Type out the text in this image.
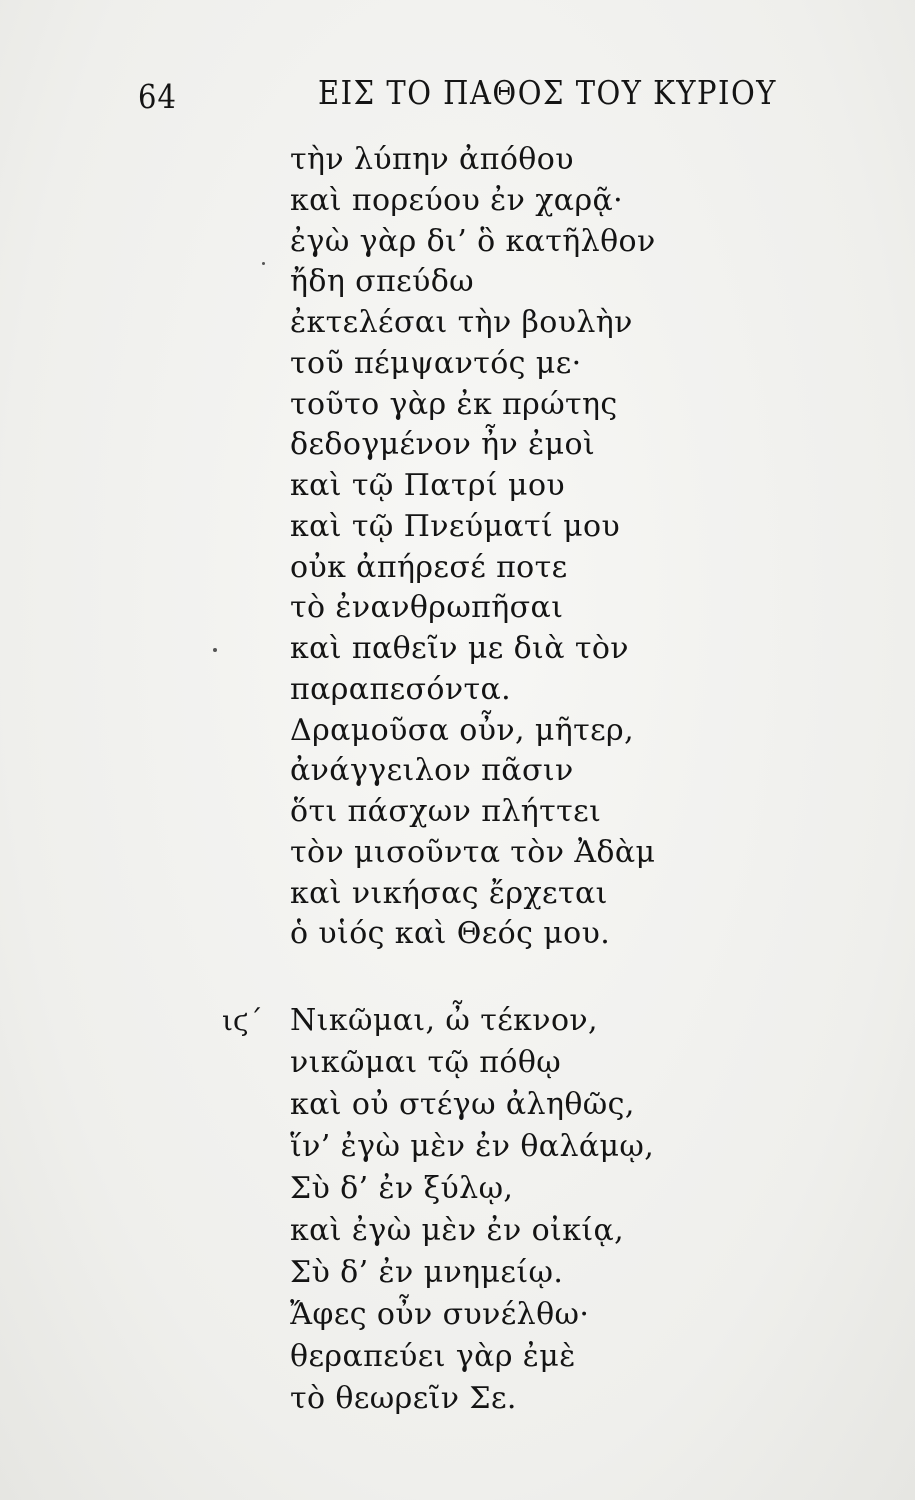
64	ΕΙΣ ΤΟ ΠΑΘΟΣ ΤΟΥ ΚΥΡΙΟΥ
τὴν λύπην ἀπόθου
καὶ πορεύου ἐν χαρᾷ·
ἐγὼ γὰρ δι’ ὃ κατῆλθον
ἤδη σπεύδω
ἐκτελέσαι τὴν βουλὴν
τοῦ πέμψαντός με·
τοῦτο γὰρ ἐκ πρώτης
δεδογμένον ἦν ἐμοὶ
καὶ τῷ Πατρί μου
καὶ τῷ Πνεύματί μου
οὐκ ἀπήρεσέ ποτε
τὸ ἐνανθρωπῆσαι
καὶ παθεῖν με διὰ τὸν
παραπεσόντα.
Δραμοῦσα οὖν, μῆτερ,
ἀνάγγειλον πᾶσιν
ὅτι πάσχων πλήττει
τὸν μισοῦντα τὸν Ἀδὰμ
καὶ νικήσας ἔρχεται
ὁ υἱός καὶ Θεός μου.
ιϛ´ Νικῶμαι, ὦ τέκνον,
νικῶμαι τῷ πόθῳ
καὶ οὐ στέγω ἀληθῶς,
ἵν’ ἐγὼ μὲν ἐν θαλάμῳ,
Σὺ δ’ ἐν ξύλῳ,
καὶ ἐγὼ μὲν ἐν οἰκίᾳ,
Σὺ δ’ ἐν μνημείῳ.
Ἄφες οὖν συνέλθω·
θεραπεύει γὰρ ἐμὲ
τὸ θεωρεῖν Σε.
